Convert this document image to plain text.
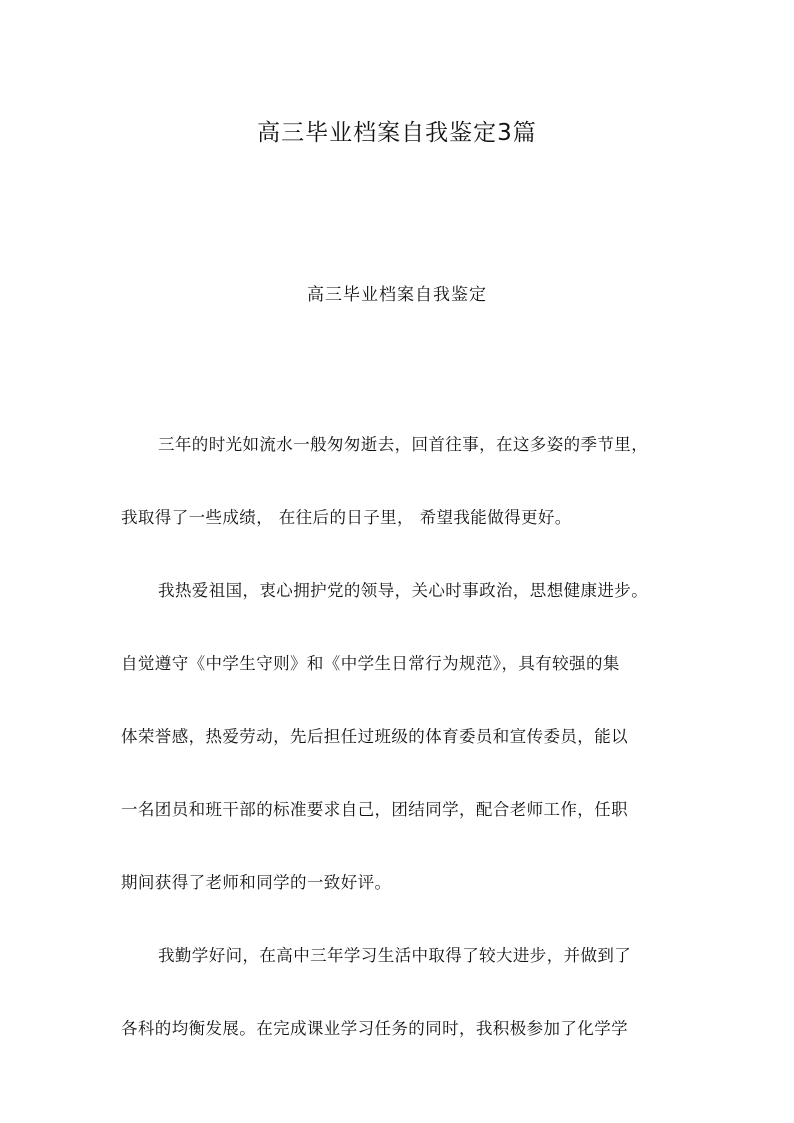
高三毕业档案自我鉴定3篇
高三毕业档案自我鉴定
三年的时光如流水一般匆匆逝去，回首往事，在这多姿的季节里，
我取得了一些成绩， 在往后的日子里， 希望我能做得更好。
我热爱祖国，衷心拥护党的领导，关心时事政治，思想健康进步。
自觉遵守《中学生守则》和《中学生日常行为规范》，具有较强的集
体荣誉感，热爱劳动，先后担任过班级的体育委员和宣传委员，能以
一名团员和班干部的标准要求自己，团结同学，配合老师工作，任职
期间获得了老师和同学的一致好评。
我勤学好问，在高中三年学习生活中取得了较大进步，并做到了
各科的均衡发展。在完成课业学习任务的同时，我积极参加了化学学
